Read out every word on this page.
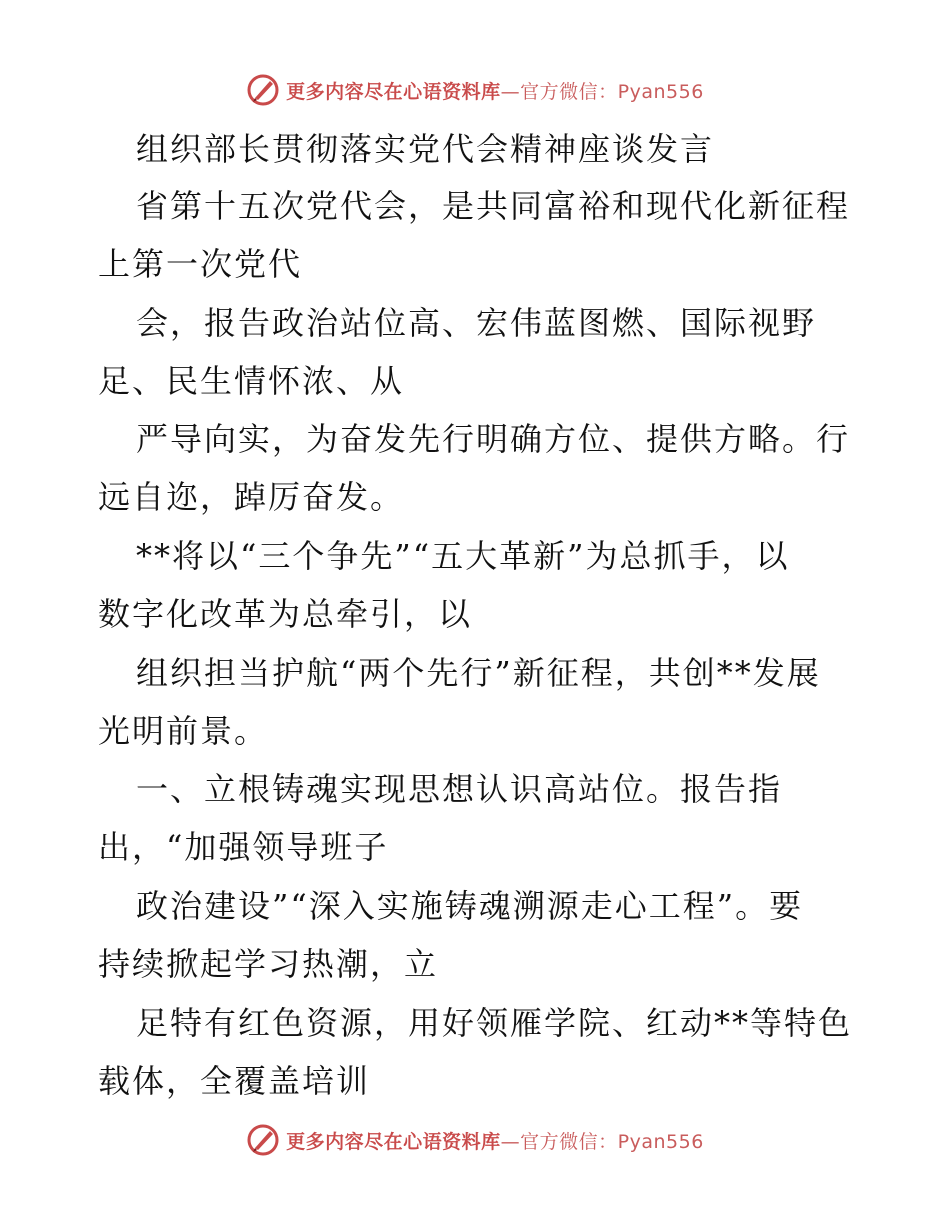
更多内容尽在心语资料库—官方微信：Pyan556
组织部长贯彻落实党代会精神座谈发言
省第十五次党代会，是共同富裕和现代化新征程
上第一次党代
会，报告政治站位高、宏伟蓝图燃、国际视野
足、民生情怀浓、从
严导向实，为奋发先行明确方位、提供方略。行
远自迩，踔厉奋发。
**将以“三个争先”“五大革新”为总抓手，以
数字化改革为总牵引，以
组织担当护航“两个先行”新征程，共创**发展
光明前景。
一、立根铸魂实现思想认识高站位。报告指
出，“加强领导班子
政治建设”“深入实施铸魂溯源走心工程”。要
持续掀起学习热潮，立
足特有红色资源，用好领雁学院、红动**等特色
载体，全覆盖培训
更多内容尽在心语资料库—官方微信：Pyan556
